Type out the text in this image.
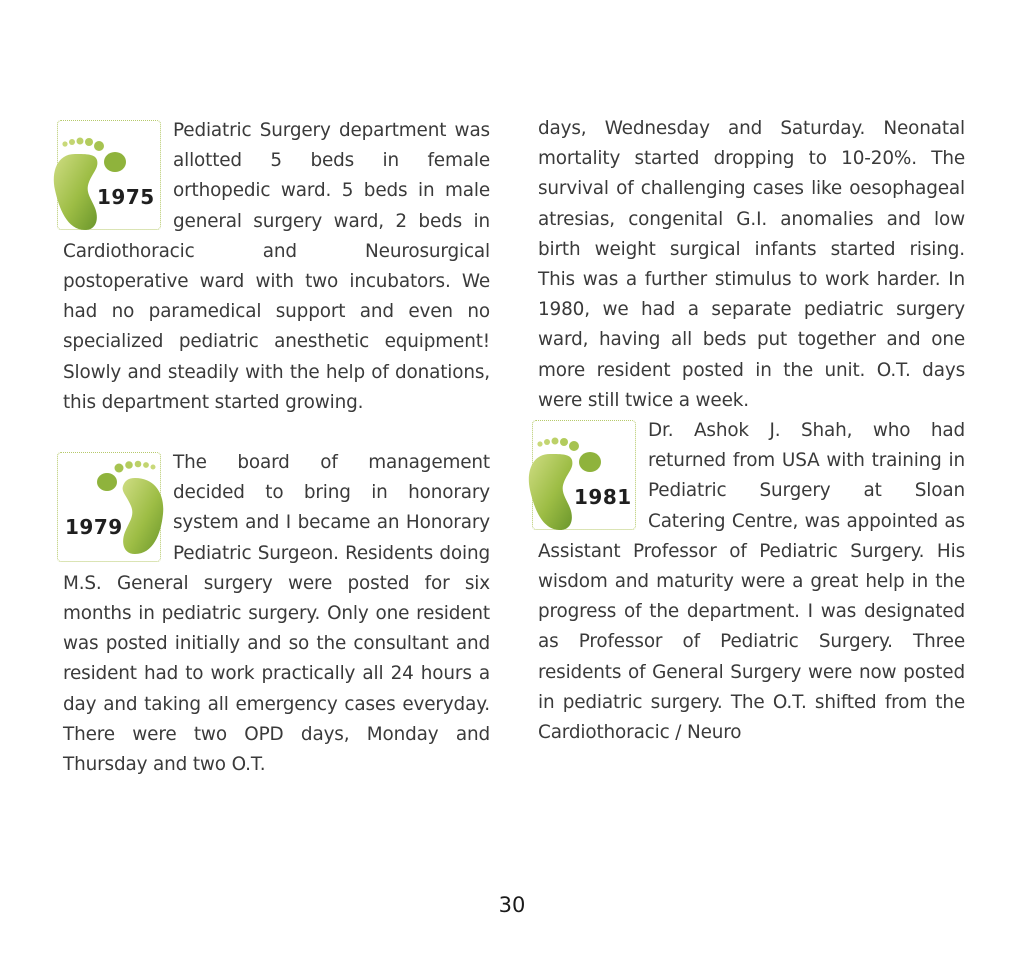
1975
Pediatric Surgery department was allotted 5 beds in female orthopedic ward. 5 beds in male general surgery ward, 2 beds in Cardiothoracic and Neurosurgical postoperative ward with two incubators. We had no paramedical support and even no specialized pediatric anesthetic equipment! Slowly and steadily with the help of donations, this department started growing.
1979
The board of management decided to bring in honorary system and I became an Honorary Pediatric Surgeon. Residents doing M.S. General surgery were posted for six months in pediatric surgery. Only one resident was posted initially and so the consultant and resident had to work practically all 24 hours a day and taking all emergency cases everyday. There were two OPD days, Monday and Thursday and two O.T.
days, Wednesday and Saturday. Neonatal mortality started dropping to 10-20%. The survival of challenging cases like oesophageal atresias, congenital G.I. anomalies and low birth weight surgical infants started rising. This was a further stimulus to work harder. In 1980, we had a separate pediatric surgery ward, having all beds put together and one more resident posted in the unit. O.T. days were still twice a week.
1981
Dr. Ashok J. Shah, who had returned from USA with training in Pediatric Surgery at Sloan Catering Centre, was appointed as Assistant Professor of Pediatric Surgery. His wisdom and maturity were a great help in the progress of the department. I was designated as Professor of Pediatric Surgery. Three residents of General Surgery were now posted in pediatric surgery. The O.T. shifted from the Cardiothoracic / Neuro
30
